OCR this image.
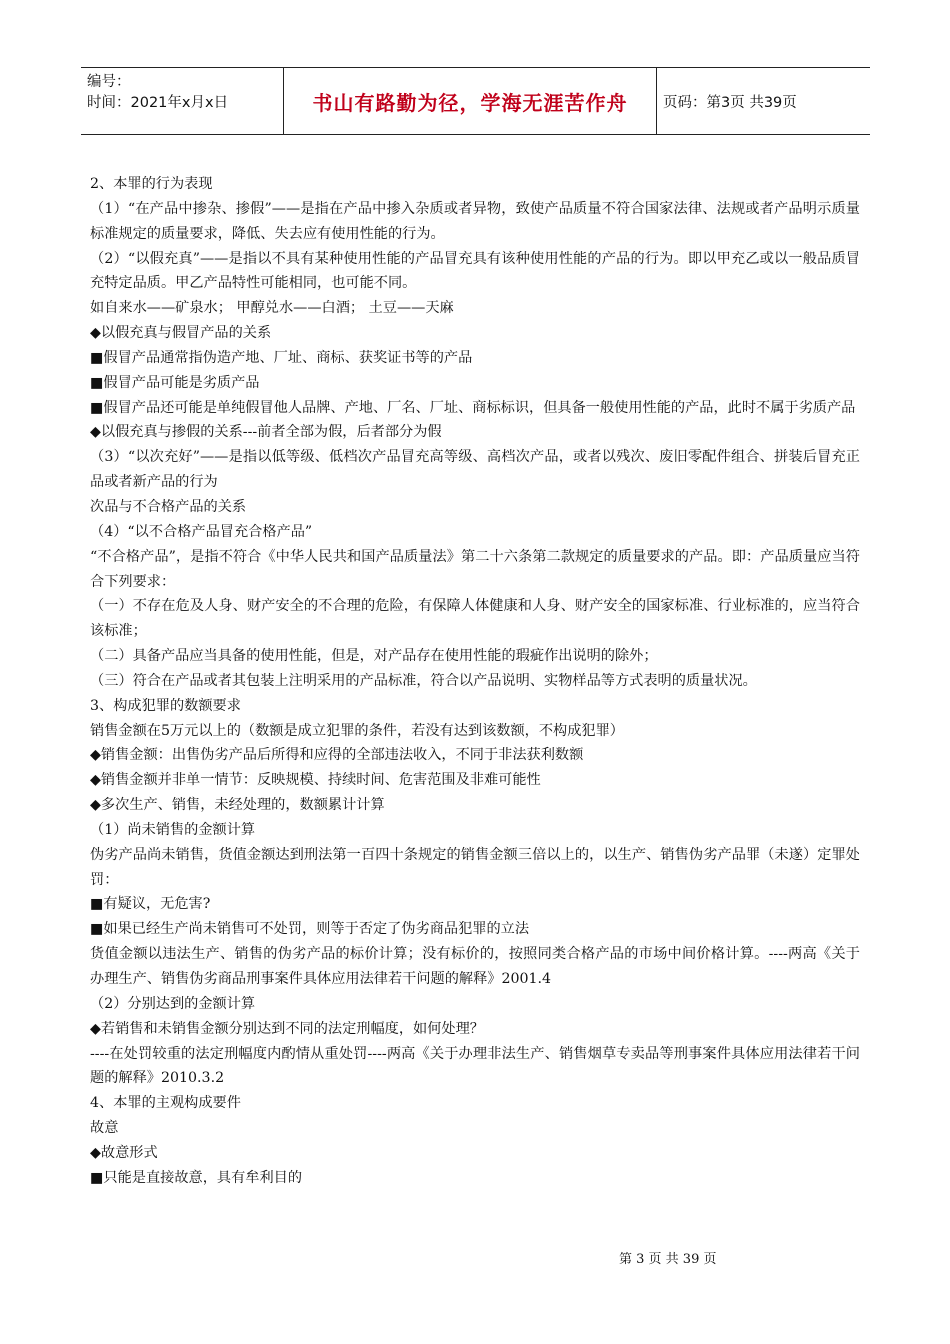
编号：
时间：2021年x月x日	书山有路勤为径，学海无涯苦作舟	页码：第3页 共39页

2、本罪的行为表现

（1）“在产品中掺杂、掺假”——是指在产品中掺入杂质或者异物，致使产品质量不符合国家法律、法规或者产品明示质量标准规定的质量要求，降低、失去应有使用性能的行为。

（2）“以假充真”——是指以不具有某种使用性能的产品冒充具有该种使用性能的产品的行为。即以甲充乙或以一般品质冒充特定品质。甲乙产品特性可能相同，也可能不同。

如自来水——矿泉水； 甲醇兑水——白酒； 土豆——天麻

◆以假充真与假冒产品的关系

■假冒产品通常指伪造产地、厂址、商标、获奖证书等的产品

■假冒产品可能是劣质产品

■假冒产品还可能是单纯假冒他人品牌、产地、厂名、厂址、商标标识，但具备一般使用性能的产品，此时不属于劣质产品

◆以假充真与掺假的关系---前者全部为假，后者部分为假

（3）“以次充好”——是指以低等级、低档次产品冒充高等级、高档次产品，或者以残次、废旧零配件组合、拼装后冒充正品或者新产品的行为

次品与不合格产品的关系

（4）“以不合格产品冒充合格产品”

“不合格产品”，是指不符合《中华人民共和国产品质量法》第二十六条第二款规定的质量要求的产品。即：产品质量应当符合下列要求：

（一）不存在危及人身、财产安全的不合理的危险，有保障人体健康和人身、财产安全的国家标准、行业标准的，应当符合该标准；

（二）具备产品应当具备的使用性能，但是，对产品存在使用性能的瑕疵作出说明的除外；

（三）符合在产品或者其包装上注明采用的产品标准，符合以产品说明、实物样品等方式表明的质量状况。

3、构成犯罪的数额要求

销售金额在5万元以上的（数额是成立犯罪的条件，若没有达到该数额，不构成犯罪）

◆销售金额：出售伪劣产品后所得和应得的全部违法收入，不同于非法获利数额

◆销售金额并非单一情节：反映规模、持续时间、危害范围及非难可能性

◆多次生产、销售，未经处理的，数额累计计算

（1）尚未销售的金额计算

伪劣产品尚未销售，货值金额达到刑法第一百四十条规定的销售金额三倍以上的，以生产、销售伪劣产品罪（未遂）定罪处罚：

■有疑议，无危害?

■如果已经生产尚未销售可不处罚，则等于否定了伪劣商品犯罪的立法

货值金额以违法生产、销售的伪劣产品的标价计算；没有标价的，按照同类合格产品的市场中间价格计算。----两高《关于办理生产、销售伪劣商品刑事案件具体应用法律若干问题的解释》2001.4

（2）分别达到的金额计算

◆若销售和未销售金额分别达到不同的法定刑幅度，如何处理？

----在处罚较重的法定刑幅度内酌情从重处罚----两高《关于办理非法生产、销售烟草专卖品等刑事案件具体应用法律若干问题的解释》2010.3.2

4、本罪的主观构成要件

故意

◆故意形式

■只能是直接故意，具有牟利目的

第 3 页 共 39 页
